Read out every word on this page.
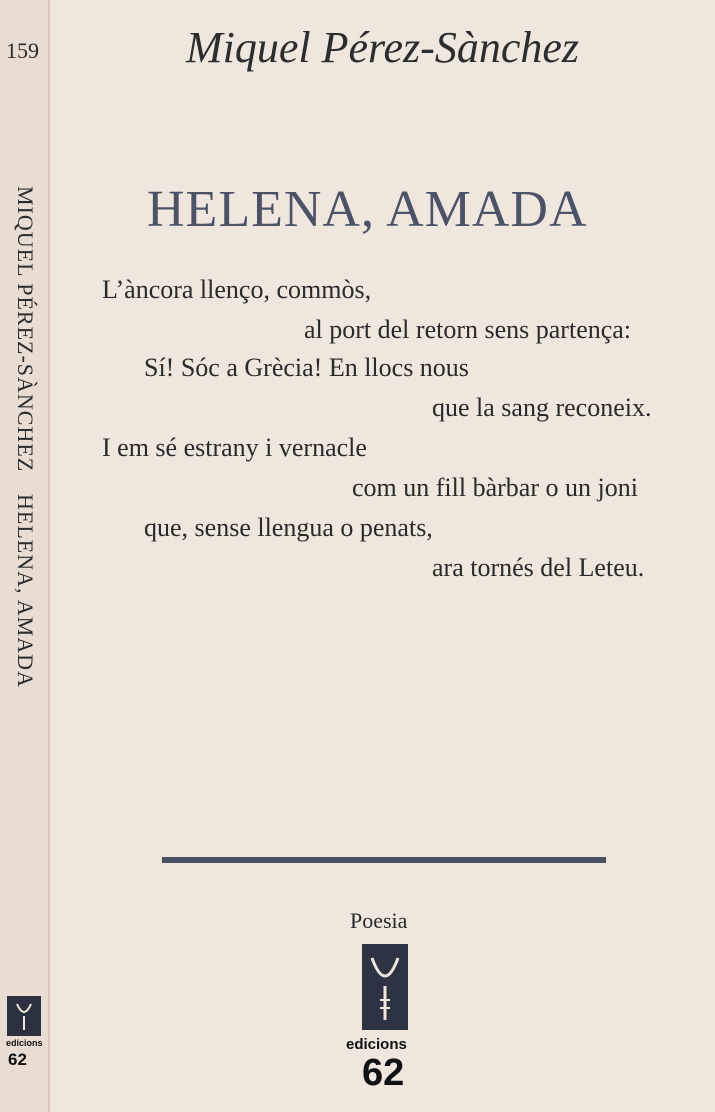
159
MIQUEL PÉREZ-SÀNCHEZ
HELENA, AMADA
edicions
62
Miquel Pérez-Sànchez
HELENA, AMADA
L’àncora llenço, commòs,
al port del retorn sens partença:
Sí! Sóc a Grècia! En llocs nous
que la sang reconeix.
I em sé estrany i vernacle
com un fill bàrbar o un joni
que, sense llengua o penats,
ara tornés del Leteu.
Poesia
edicions
62
